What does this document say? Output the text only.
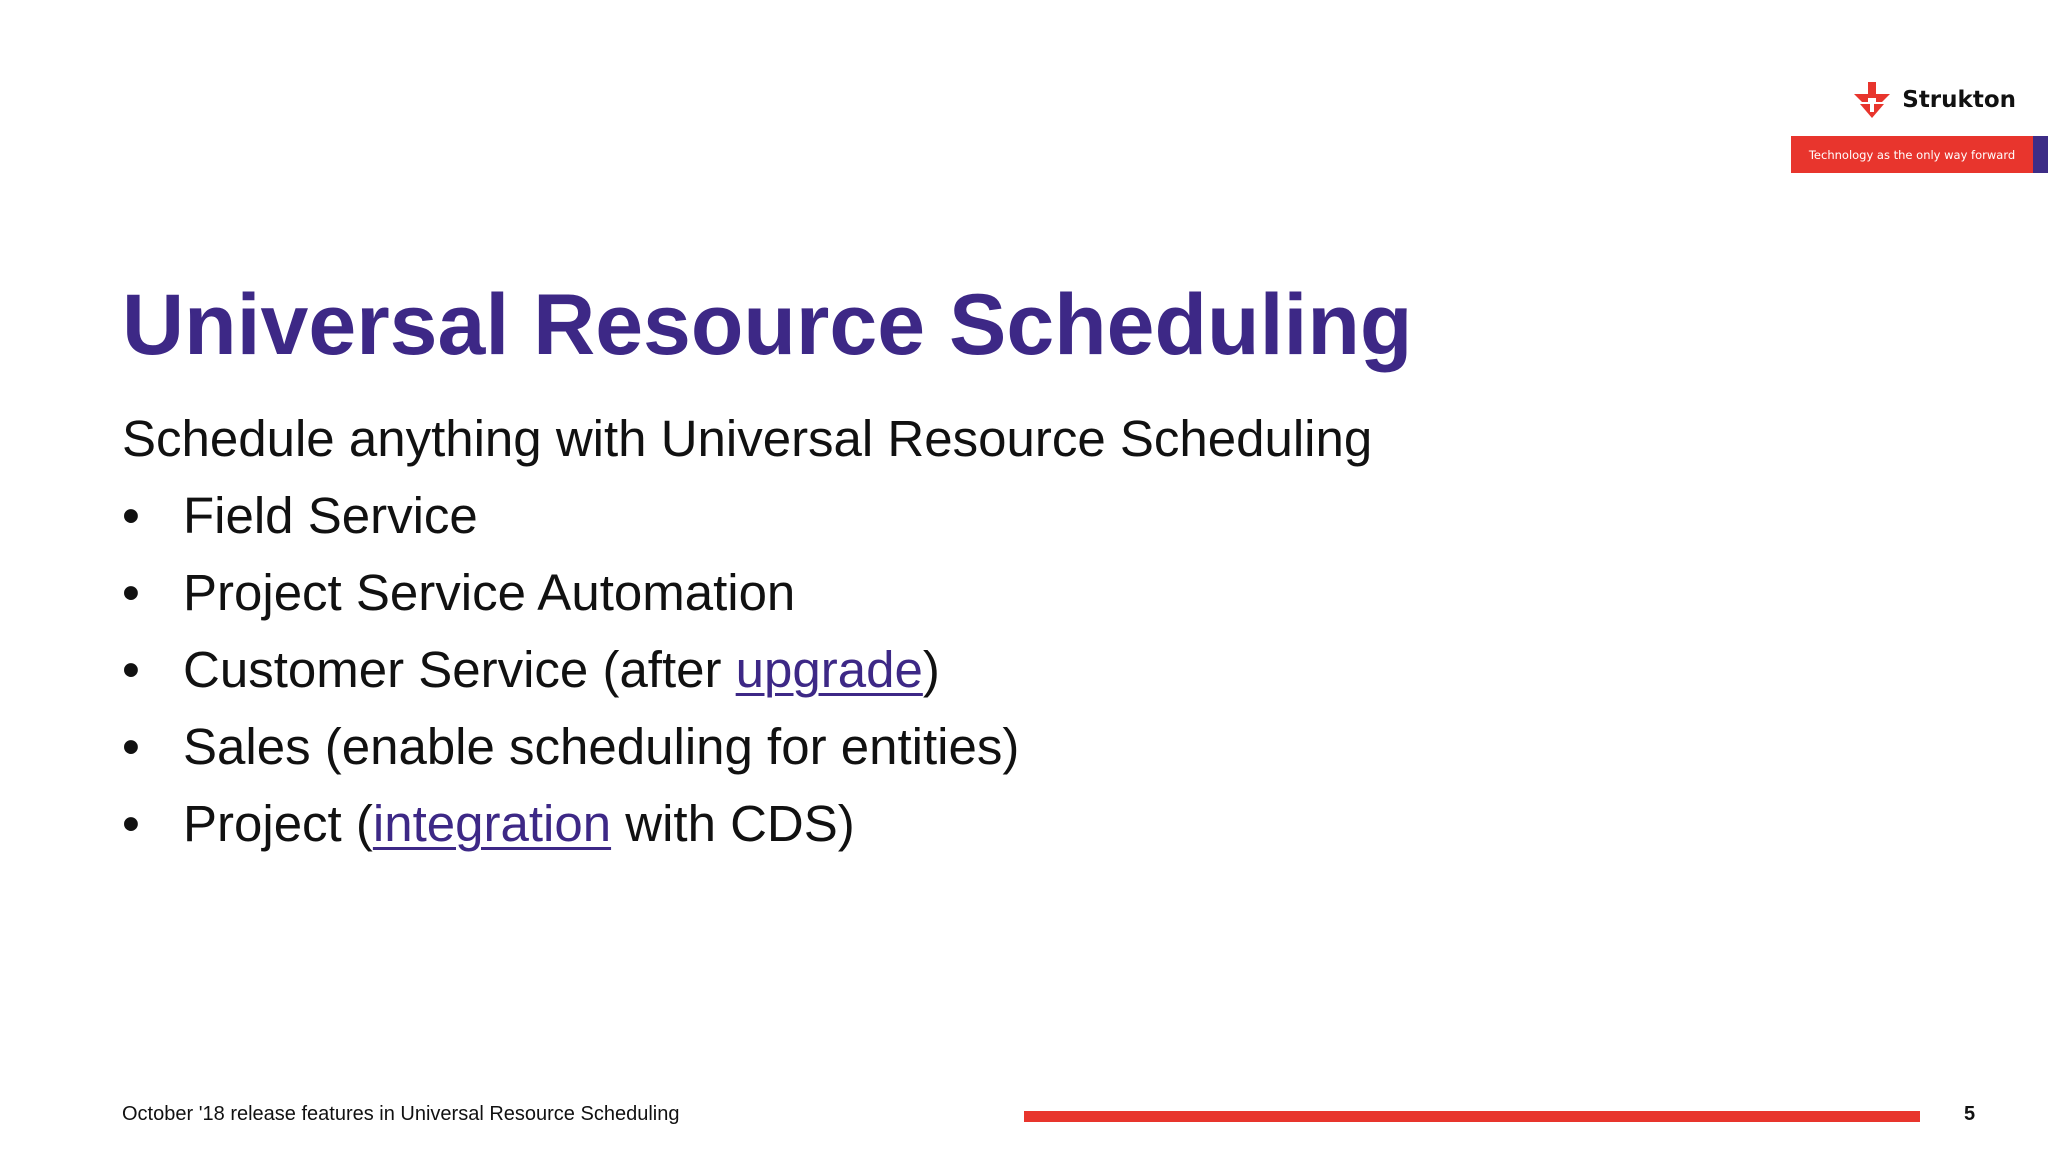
Strukton
Technology as the only way forward
Universal Resource Scheduling
Schedule anything with Universal Resource Scheduling
• Field Service
• Project Service Automation
• Customer Service (after upgrade)
• Sales (enable scheduling for entities)
• Project (integration with CDS)
October '18 release features in Universal Resource Scheduling	5
